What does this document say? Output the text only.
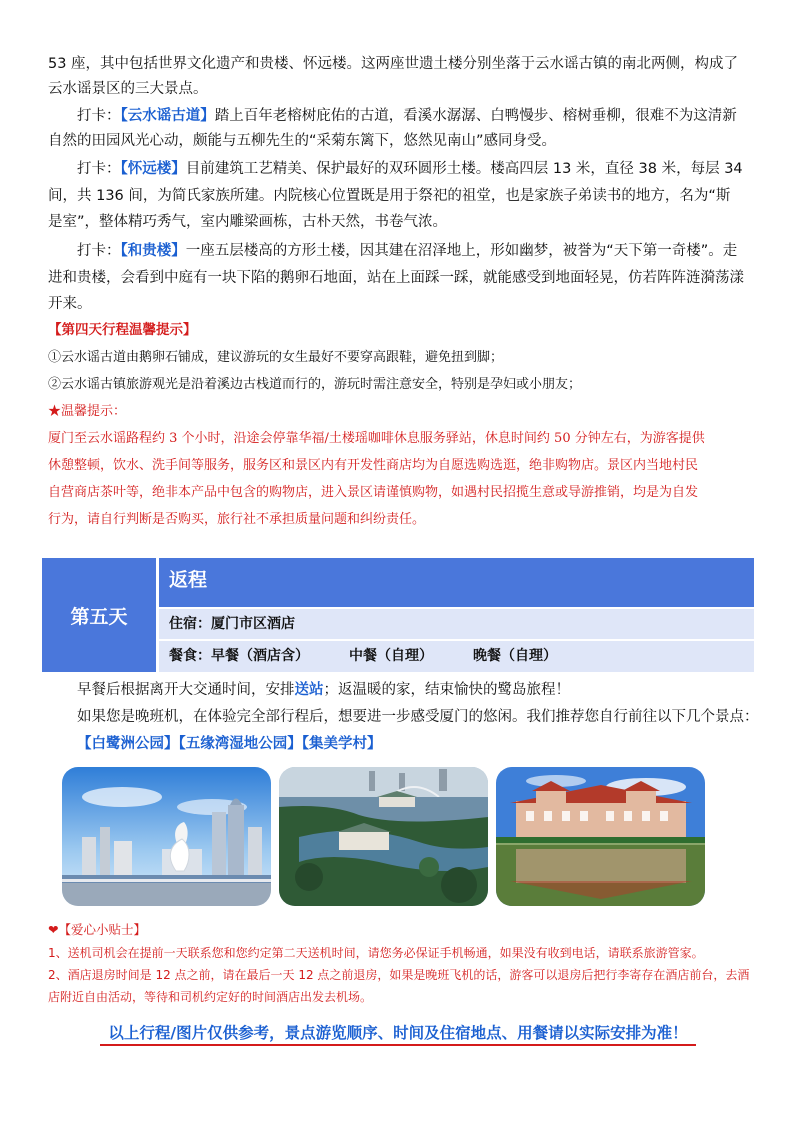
53 座，其中包括世界文化遗产和贵楼、怀远楼。这两座世遗土楼分别坐落于云水谣古镇的南北两侧，构成了

云水谣景区的三大景点。

打卡：【云水谣古道】踏上百年老榕树庇佑的古道，看溪水潺潺、白鸭慢步、榕树垂柳，很难不为这清新

自然的田园风光心动，颇能与五柳先生的“采菊东篱下，悠然见南山”感同身受。

打卡：【怀远楼】目前建筑工艺精美、保护最好的双环圆形土楼。楼高四层 13 米，直径 38 米，每层 34

间，共 136 间，为简氏家族所建。内院核心位置既是用于祭祀的祖堂，也是家族子弟读书的地方，名为“斯

是室”，整体精巧秀气，室内雕梁画栋，古朴天然，书卷气浓。

打卡：【和贵楼】一座五层楼高的方形土楼，因其建在沼泽地上，形如幽梦，被誉为“天下第一奇楼”。走

进和贵楼，会看到中庭有一块下陷的鹅卵石地面，站在上面踩一踩，就能感受到地面轻晃，仿若阵阵涟漪荡漾

开来。

【第四天行程温馨提示】

①云水谣古道由鹅卵石铺成，建议游玩的女生最好不要穿高跟鞋，避免扭到脚；

②云水谣古镇旅游观光是沿着溪边古栈道而行的，游玩时需注意安全，特别是孕妇或小朋友；

★温馨提示：

厦门至云水谣路程约 3 个小时，沿途会停靠华福/土楼瑶咖啡休息服务驿站，休息时间约 50 分钟左右，为游客提供

休憩整顿，饮水、洗手间等服务，服务区和景区内有开发性商店均为自愿选购选逛，绝非购物店。景区内当地村民

自营商店茶叶等，绝非本产品中包含的购物店，进入景区请谨慎购物，如遇村民招揽生意或导游推销，均是为自发

行为，请自行判断是否购买，旅行社不承担质量问题和纠纷责任。

第五天
返程
住宿：厦门市区酒店
餐食：早餐（酒店含）	中餐（自理）	晚餐（自理）

早餐后根据离开大交通时间，安排送站；返温暖的家，结束愉快的鹭岛旅程！

如果您是晚班机，在体验完全部行程后，想要进一步感受厦门的悠闲。我们推荐您自行前往以下几个景点：

【白鹭洲公园】【五缘湾湿地公园】【集美学村】

❤【爱心小贴士】

1、送机司机会在提前一天联系您和您约定第二天送机时间，请您务必保证手机畅通，如果没有收到电话，请联系旅游管家。

2、酒店退房时间是 12 点之前，请在最后一天 12 点之前退房，如果是晚班飞机的话，游客可以退房后把行李寄存在酒店前台，去酒

店附近自由活动，等待和司机约定好的时间酒店出发去机场。

以上行程/图片仅供参考，景点游览顺序、时间及住宿地点、用餐请以实际安排为准！
